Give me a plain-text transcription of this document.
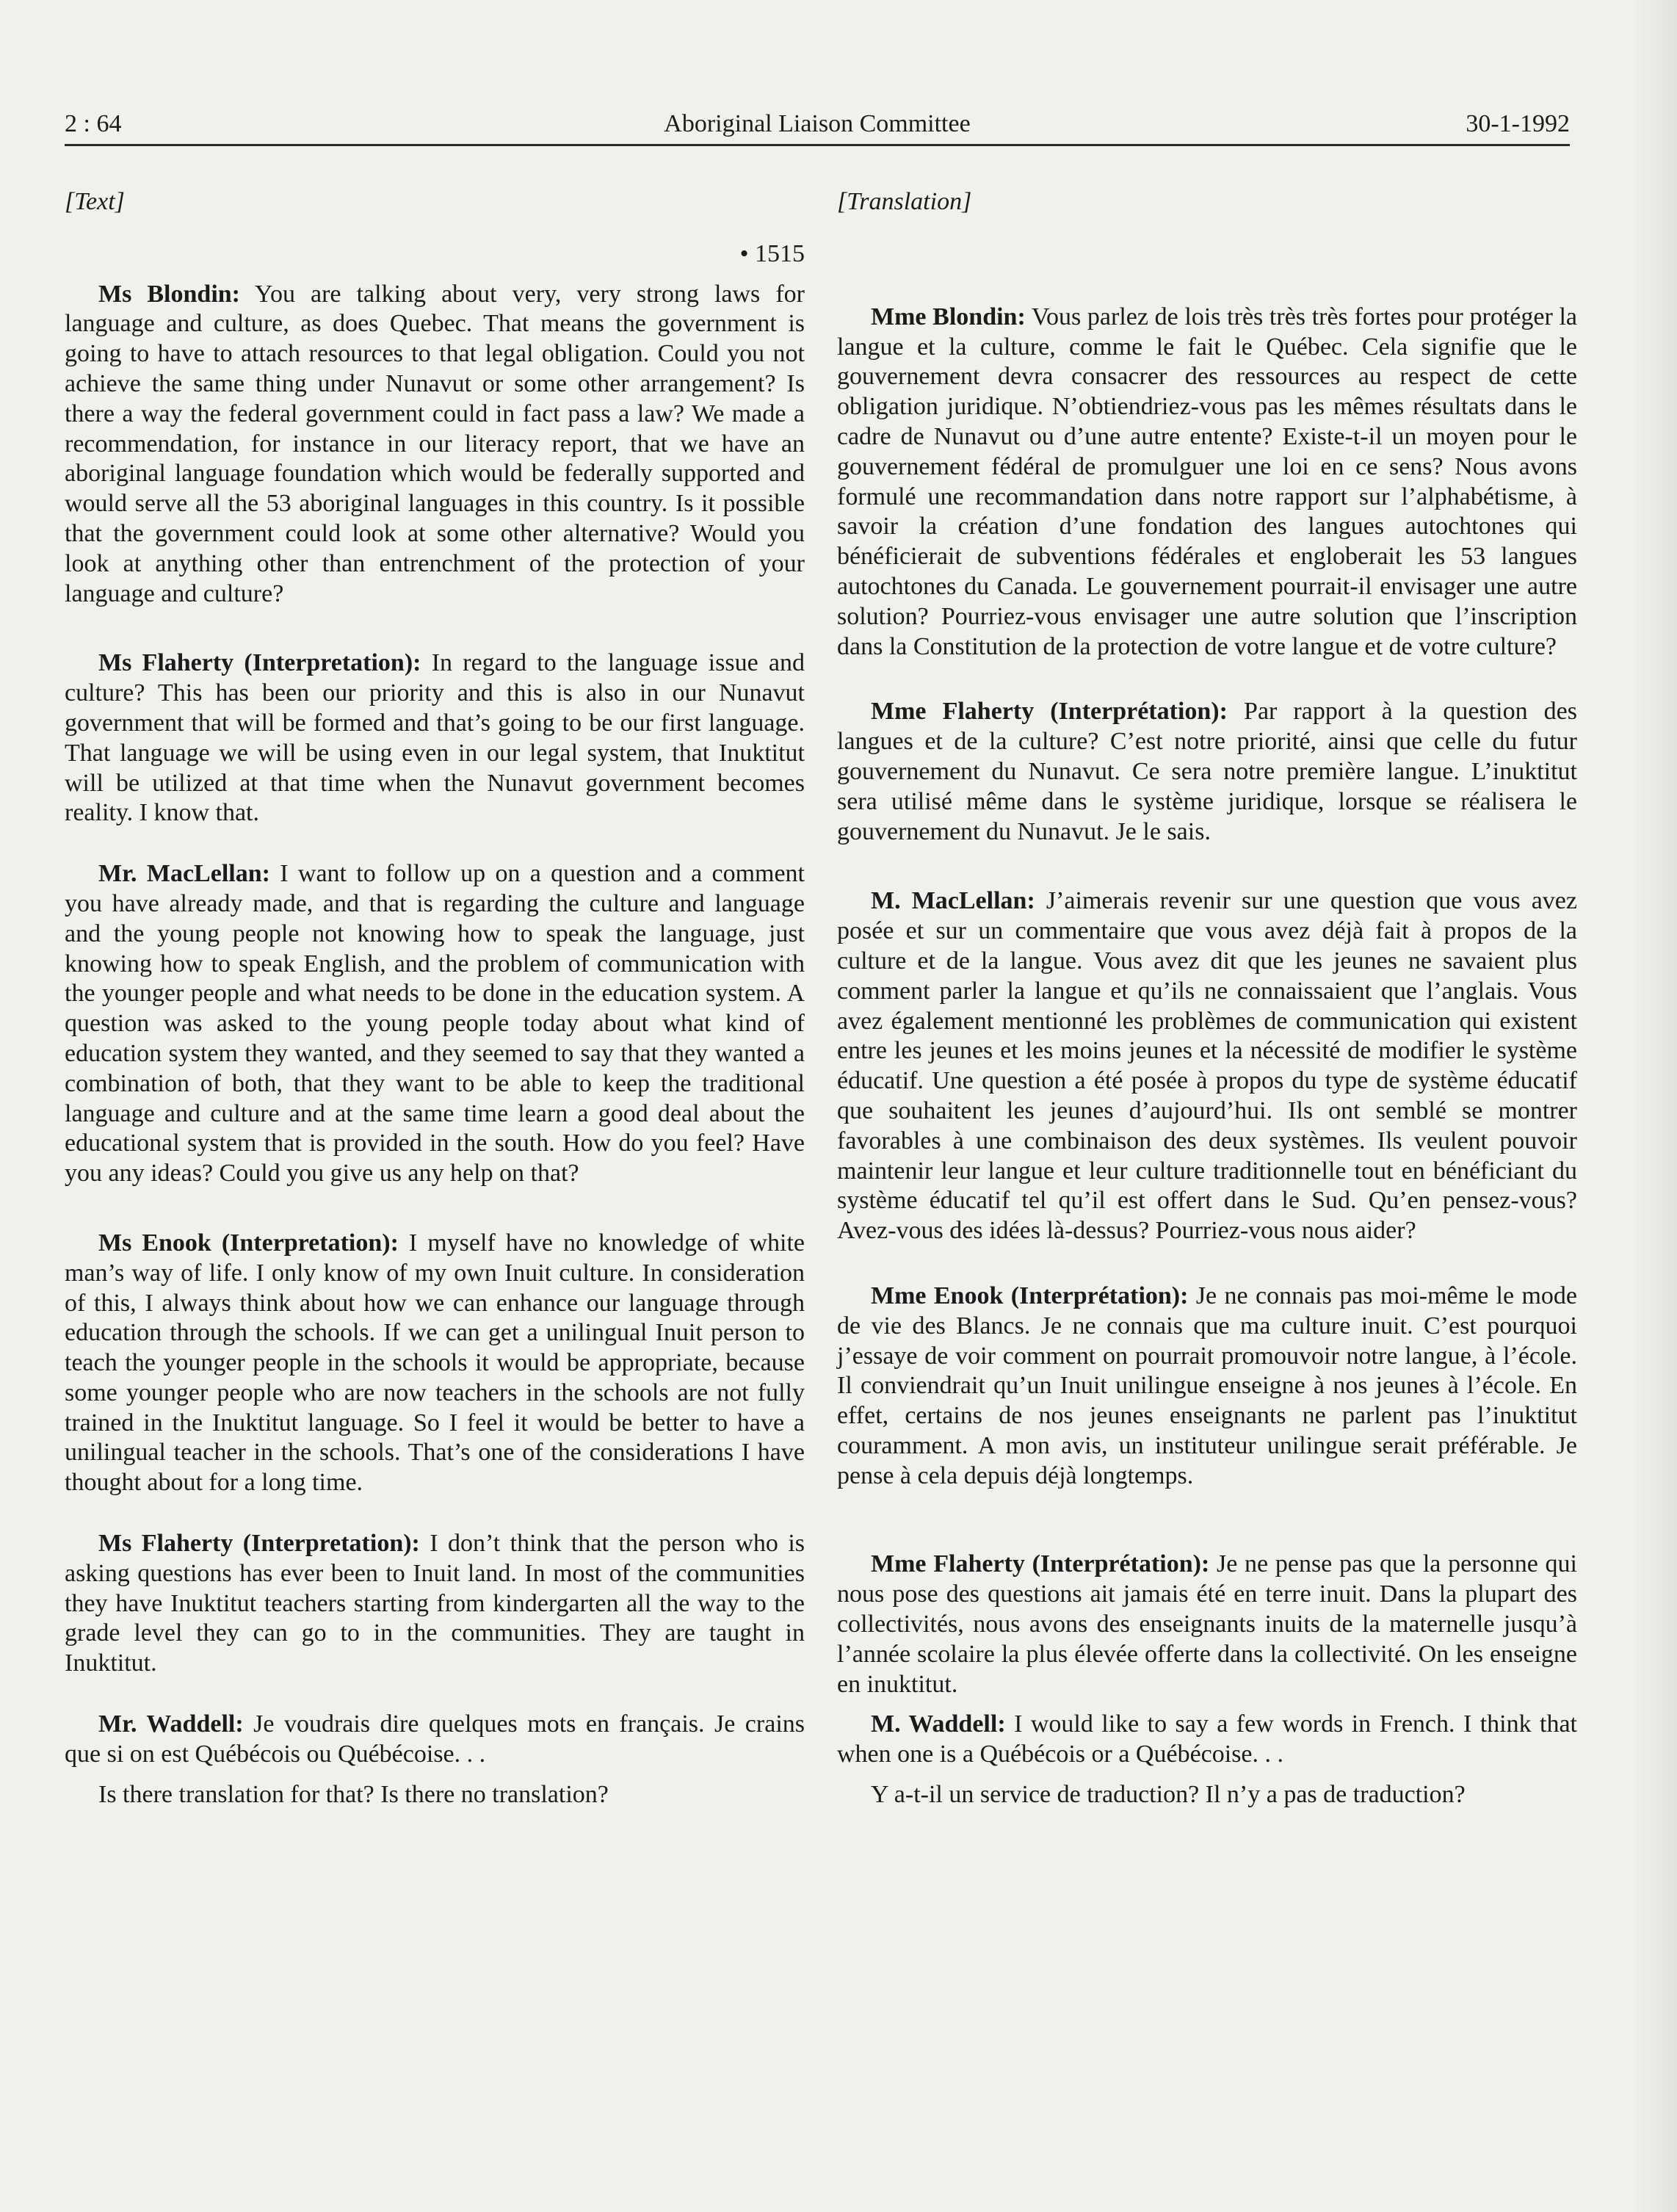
2 : 64	Aboriginal Liaison Committee	30-1-1992
[Text]
• 1515

Ms Blondin: You are talking about very, very strong laws for language and culture, as does Quebec. That means the government is going to have to attach resources to that legal obligation. Could you not achieve the same thing under Nunavut or some other arrangement? Is there a way the federal government could in fact pass a law? We made a recommendation, for instance in our literacy report, that we have an aboriginal language foundation which would be federally supported and would serve all the 53 aboriginal languages in this country. Is it possible that the government could look at some other alternative? Would you look at anything other than entrenchment of the protection of your language and culture?

Ms Flaherty (Interpretation): In regard to the language issue and culture? This has been our priority and this is also in our Nunavut government that will be formed and that’s going to be our first language. That language we will be using even in our legal system, that Inuktitut will be utilized at that time when the Nunavut government becomes reality. I know that.

Mr. MacLellan: I want to follow up on a question and a comment you have already made, and that is regarding the culture and language and the young people not knowing how to speak the language, just knowing how to speak English, and the problem of communication with the younger people and what needs to be done in the education system. A question was asked to the young people today about what kind of education system they wanted, and they seemed to say that they wanted a combination of both, that they want to be able to keep the traditional language and culture and at the same time learn a good deal about the educational system that is provided in the south. How do you feel? Have you any ideas? Could you give us any help on that?

Ms Enook (Interpretation): I myself have no knowledge of white man’s way of life. I only know of my own Inuit culture. In consideration of this, I always think about how we can enhance our language through education through the schools. If we can get a unilingual Inuit person to teach the younger people in the schools it would be appropriate, because some younger people who are now teachers in the schools are not fully trained in the Inuktitut language. So I feel it would be better to have a unilingual teacher in the schools. That’s one of the considerations I have thought about for a long time.

Ms Flaherty (Interpretation): I don’t think that the person who is asking questions has ever been to Inuit land. In most of the communities they have Inuktitut teachers starting from kindergarten all the way to the grade level they can go to in the communities. They are taught in Inuktitut.

Mr. Waddell: Je voudrais dire quelques mots en français. Je crains que si on est Québécois ou Québécoise. . .

Is there translation for that? Is there no translation?

[Translation]

Mme Blondin: Vous parlez de lois très très très fortes pour protéger la langue et la culture, comme le fait le Québec. Cela signifie que le gouvernement devra consacrer des ressources au respect de cette obligation juridique. N’obtiendriez-vous pas les mêmes résultats dans le cadre de Nunavut ou d’une autre entente? Existe-t-il un moyen pour le gouvernement fédéral de promulguer une loi en ce sens? Nous avons formulé une recommandation dans notre rapport sur l’alphabétisme, à savoir la création d’une fondation des langues autochtones qui bénéficierait de subventions fédérales et engloberait les 53 langues autochtones du Canada. Le gouvernement pourrait-il envisager une autre solution? Pourriez-vous envisager une autre solution que l’inscription dans la Constitution de la protection de votre langue et de votre culture?

Mme Flaherty (Interprétation): Par rapport à la question des langues et de la culture? C’est notre priorité, ainsi que celle du futur gouvernement du Nunavut. Ce sera notre première langue. L’inuktitut sera utilisé même dans le système juridique, lorsque se réalisera le gouvernement du Nunavut. Je le sais.

M. MacLellan: J’aimerais revenir sur une question que vous avez posée et sur un commentaire que vous avez déjà fait à propos de la culture et de la langue. Vous avez dit que les jeunes ne savaient plus comment parler la langue et qu’ils ne connaissaient que l’anglais. Vous avez également mentionné les problèmes de communication qui existent entre les jeunes et les moins jeunes et la nécessité de modifier le système éducatif. Une question a été posée à propos du type de système éducatif que souhaitent les jeunes d’aujourd’hui. Ils ont semblé se montrer favorables à une combinaison des deux systèmes. Ils veulent pouvoir maintenir leur langue et leur culture traditionnelle tout en bénéficiant du système éducatif tel qu’il est offert dans le Sud. Qu’en pensez-vous? Avez-vous des idées là-dessus? Pourriez-vous nous aider?

Mme Enook (Interprétation): Je ne connais pas moi-même le mode de vie des Blancs. Je ne connais que ma culture inuit. C’est pourquoi j’essaye de voir comment on pourrait promouvoir notre langue, à l’école. Il conviendrait qu’un Inuit unilingue enseigne à nos jeunes à l’école. En effet, certains de nos jeunes enseignants ne parlent pas l’inuktitut couramment. A mon avis, un instituteur unilingue serait préférable. Je pense à cela depuis déjà longtemps.

Mme Flaherty (Interprétation): Je ne pense pas que la personne qui nous pose des questions ait jamais été en terre inuit. Dans la plupart des collectivités, nous avons des enseignants inuits de la maternelle jusqu’à l’année scolaire la plus élevée offerte dans la collectivité. On les enseigne en inuktitut.

M. Waddell: I would like to say a few words in French. I think that when one is a Québécois or a Québécoise. . .

Y a-t-il un service de traduction? Il n’y a pas de traduction?
